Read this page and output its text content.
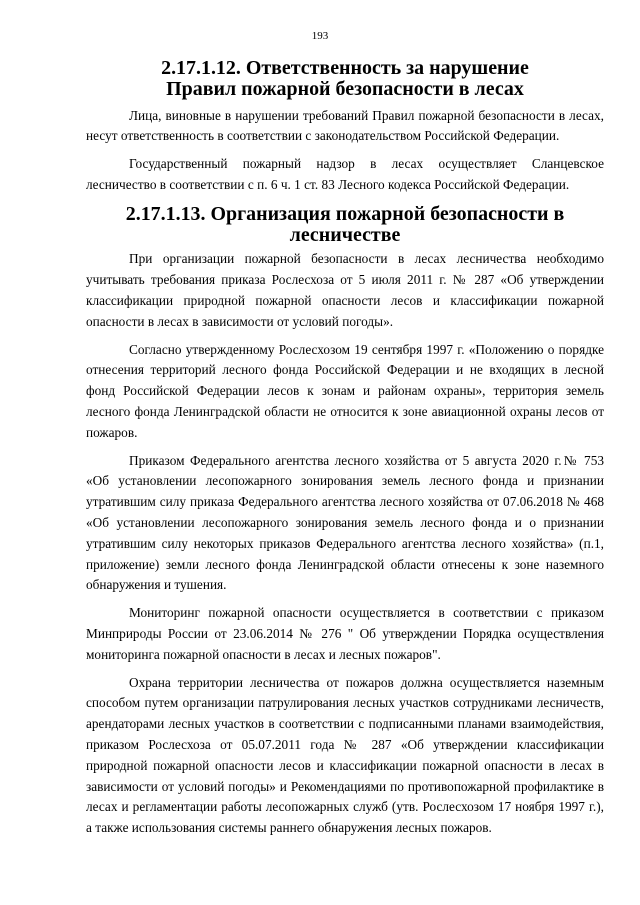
193
2.17.1.12. Ответственность за нарушение Правил пожарной безопасности в лесах

Лица, виновные в нарушении требований Правил пожарной безопасности в лесах, несут ответственность в соответствии с законодательством Российской Федерации.

Государственный пожарный надзор в лесах осуществляет Сланцевское лесничество в соответствии с п. 6 ч. 1 ст. 83 Лесного кодекса Российской Федерации.

2.17.1.13. Организация пожарной безопасности в лесничестве

При организации пожарной безопасности в лесах лесничества необходимо учитывать требования приказа Рослесхоза от 5 июля 2011 г. № 287 «Об утверждении классификации природной пожарной опасности лесов и классификации пожарной опасности в лесах в зависимости от условий погоды».

Согласно утвержденному Рослесхозом 19 сентября 1997 г. «Положению о порядке отнесения территорий лесного фонда Российской Федерации и не входящих в лесной фонд Российской Федерации лесов к зонам и районам охраны», территория земель лесного фонда Ленинградской области не относится к зоне авиационной охраны лесов от пожаров.

Приказом Федерального агентства лесного хозяйства от 5 августа 2020 г.№ 753 «Об установлении лесопожарного зонирования земель лесного фонда и признании утратившим силу приказа Федерального агентства лесного хозяйства от 07.06.2018 № 468 «Об установлении лесопожарного зонирования земель лесного фонда и о признании утратившим силу некоторых приказов Федерального агентства лесного хозяйства» (п.1, приложение) земли лесного фонда Ленинградской области отнесены к зоне наземного обнаружения и тушения.

Мониторинг пожарной опасности осуществляется в соответствии с приказом Минприроды России от 23.06.2014 № 276 " Об утверждении Порядка осуществления мониторинга пожарной опасности в лесах и лесных пожаров".

Охрана территории лесничества от пожаров должна осуществляется наземным способом путем организации патрулирования лесных участков сотрудниками лесничеств, арендаторами лесных участков в соответствии с подписанными планами взаимодействия, приказом Рослесхоза от 05.07.2011 года № 287 «Об утверждении классификации природной пожарной опасности лесов и классификации пожарной опасности в лесах в зависимости от условий погоды» и Рекомендациями по противопожарной профилактике в лесах и регламентации работы лесопожарных служб (утв. Рослесхозом 17 ноября 1997 г.), а также использования системы раннего обнаружения лесных пожаров.
